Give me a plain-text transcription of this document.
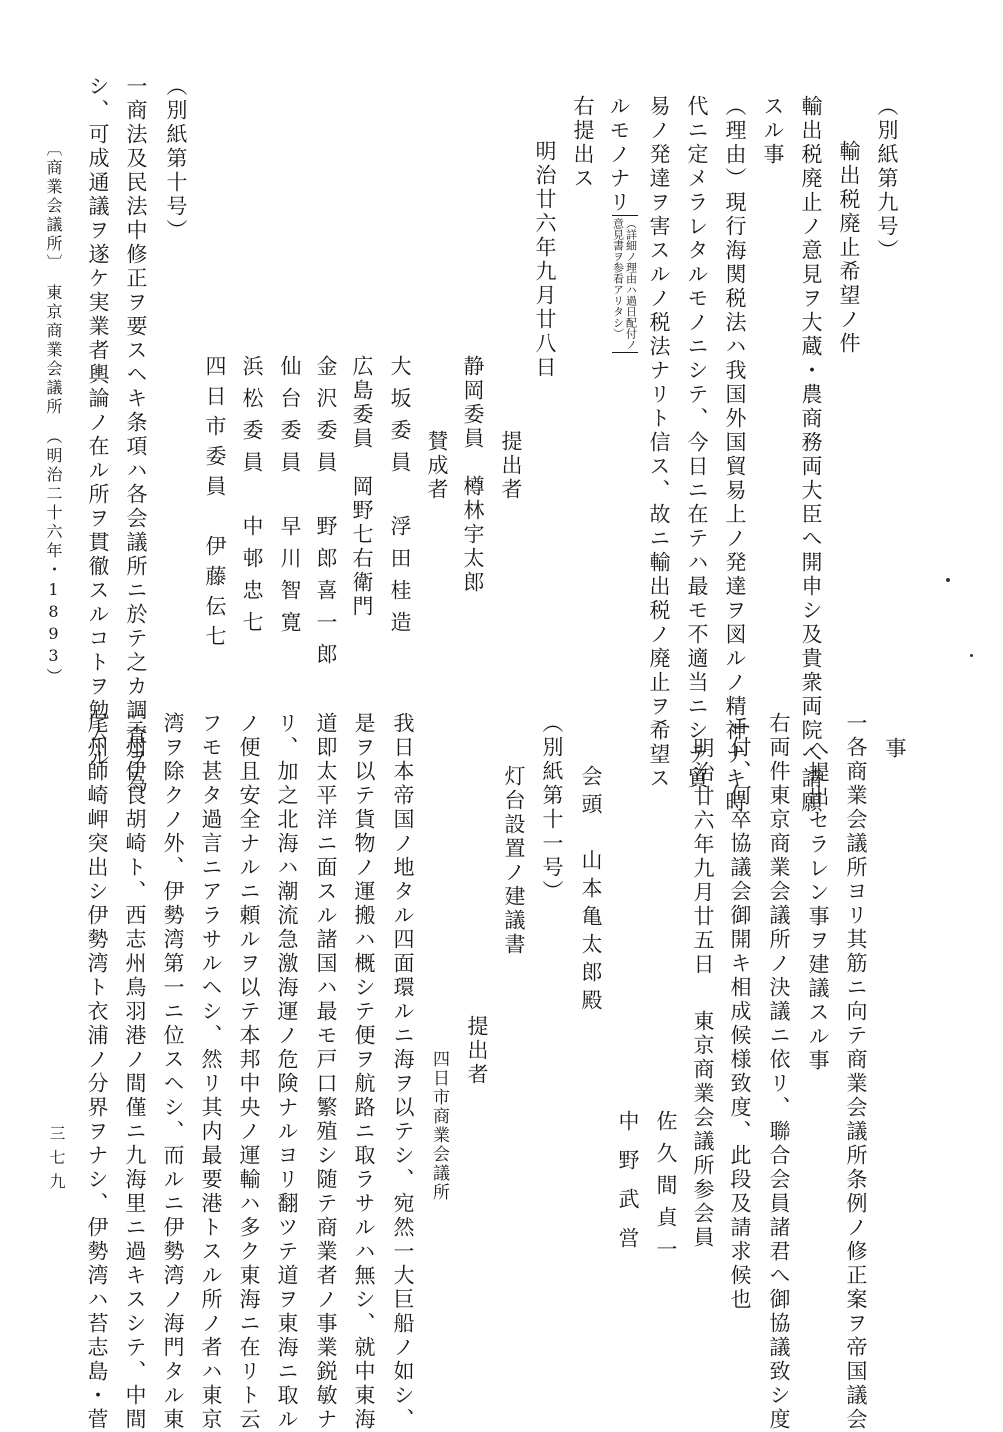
（別紙第九号）
輸出税廃止希望ノ件
輸出税廃止ノ意見ヲ大蔵・農商務両大臣へ開申シ及貴衆両院へ請願
スル事
（理由）現行海関税法ハ我国外国貿易上ノ発達ヲ図ルノ精神ナキ時
代ニ定メラレタルモノニシテ、今日ニ在テハ最モ不適当ニシテ貿
易ノ発達ヲ害スルノ税法ナリト信ス、故ニ輸出税ノ廃止ヲ希望ス
ルモノナリ（詳細ノ理由ハ過日配付ノ
意見書ヲ参看アリタシ）
右提出ス
明治廿六年九月廿八日
提出者
静岡委員　樽林宇太郎
賛成者
大坂委員　浮田桂造
広島委員　岡野七右衛門
金沢委員　野郎喜一郎
仙台委員　早川智寛
浜松委員　中邨忠七
四日市委員　伊藤伝七
（別紙第十号）
一商法及民法中修正ヲ要スヘキ条項ハ各会議所ニ於テ之カ調査ヲ為
シ、可成通議ヲ遂ケ実業者輿論ノ在ル所ヲ貫徹スルコトヲ勉ムル
〔商業会議所〕　東京商業会議所　（明治二十六年・1893）
事
一各商業会議所ヨリ其筋ニ向テ商業会議所条例ノ修正案ヲ帝国議会
へ提出セラレン事ヲ建議スル事
右両件東京商業会議所ノ決議ニ依リ、聯合会員諸君へ御協議致シ度
ニ付、何卒協議会御開キ相成候様致度、此段及請求候也
明治廿六年九月廿五日
東京商業会議所参会員
佐久間貞一
中野武営
会頭　山本亀太郎殿
（別紙第十一号）
灯台設置ノ建議書
提出者
四日市商業会議所
我日本帝国ノ地タル四面環ルニ海ヲ以テシ、宛然一大巨船ノ如シ、
是ヲ以テ貨物ノ運搬ハ概シテ便ヲ航路ニ取ラサルハ無シ、就中東海
道即太平洋ニ面スル諸国ハ最モ戸口繁殖シ随テ商業者ノ事業鋭敏ナ
リ、加之北海ハ潮流急激海運ノ危険ナルヨリ翻ツテ道ヲ東海ニ取ル
ノ便且安全ナルニ頼ルヲ以テ本邦中央ノ運輸ハ多ク東海ニ在リト云
フモ甚タ過言ニアラサルヘシ、然リ其内最要港トスル所ノ者ハ東京
湾ヲ除クノ外、伊勢湾第一ニ位スヘシ、而ルニ伊勢湾ノ海門タル東
三州伊良胡崎ト、西志州鳥羽港ノ間僅ニ九海里ニ過キスシテ、中間
尾州師崎岬突出シ伊勢湾ト衣浦ノ分界ヲナシ、伊勢湾ハ苔志島・菅
三七九
